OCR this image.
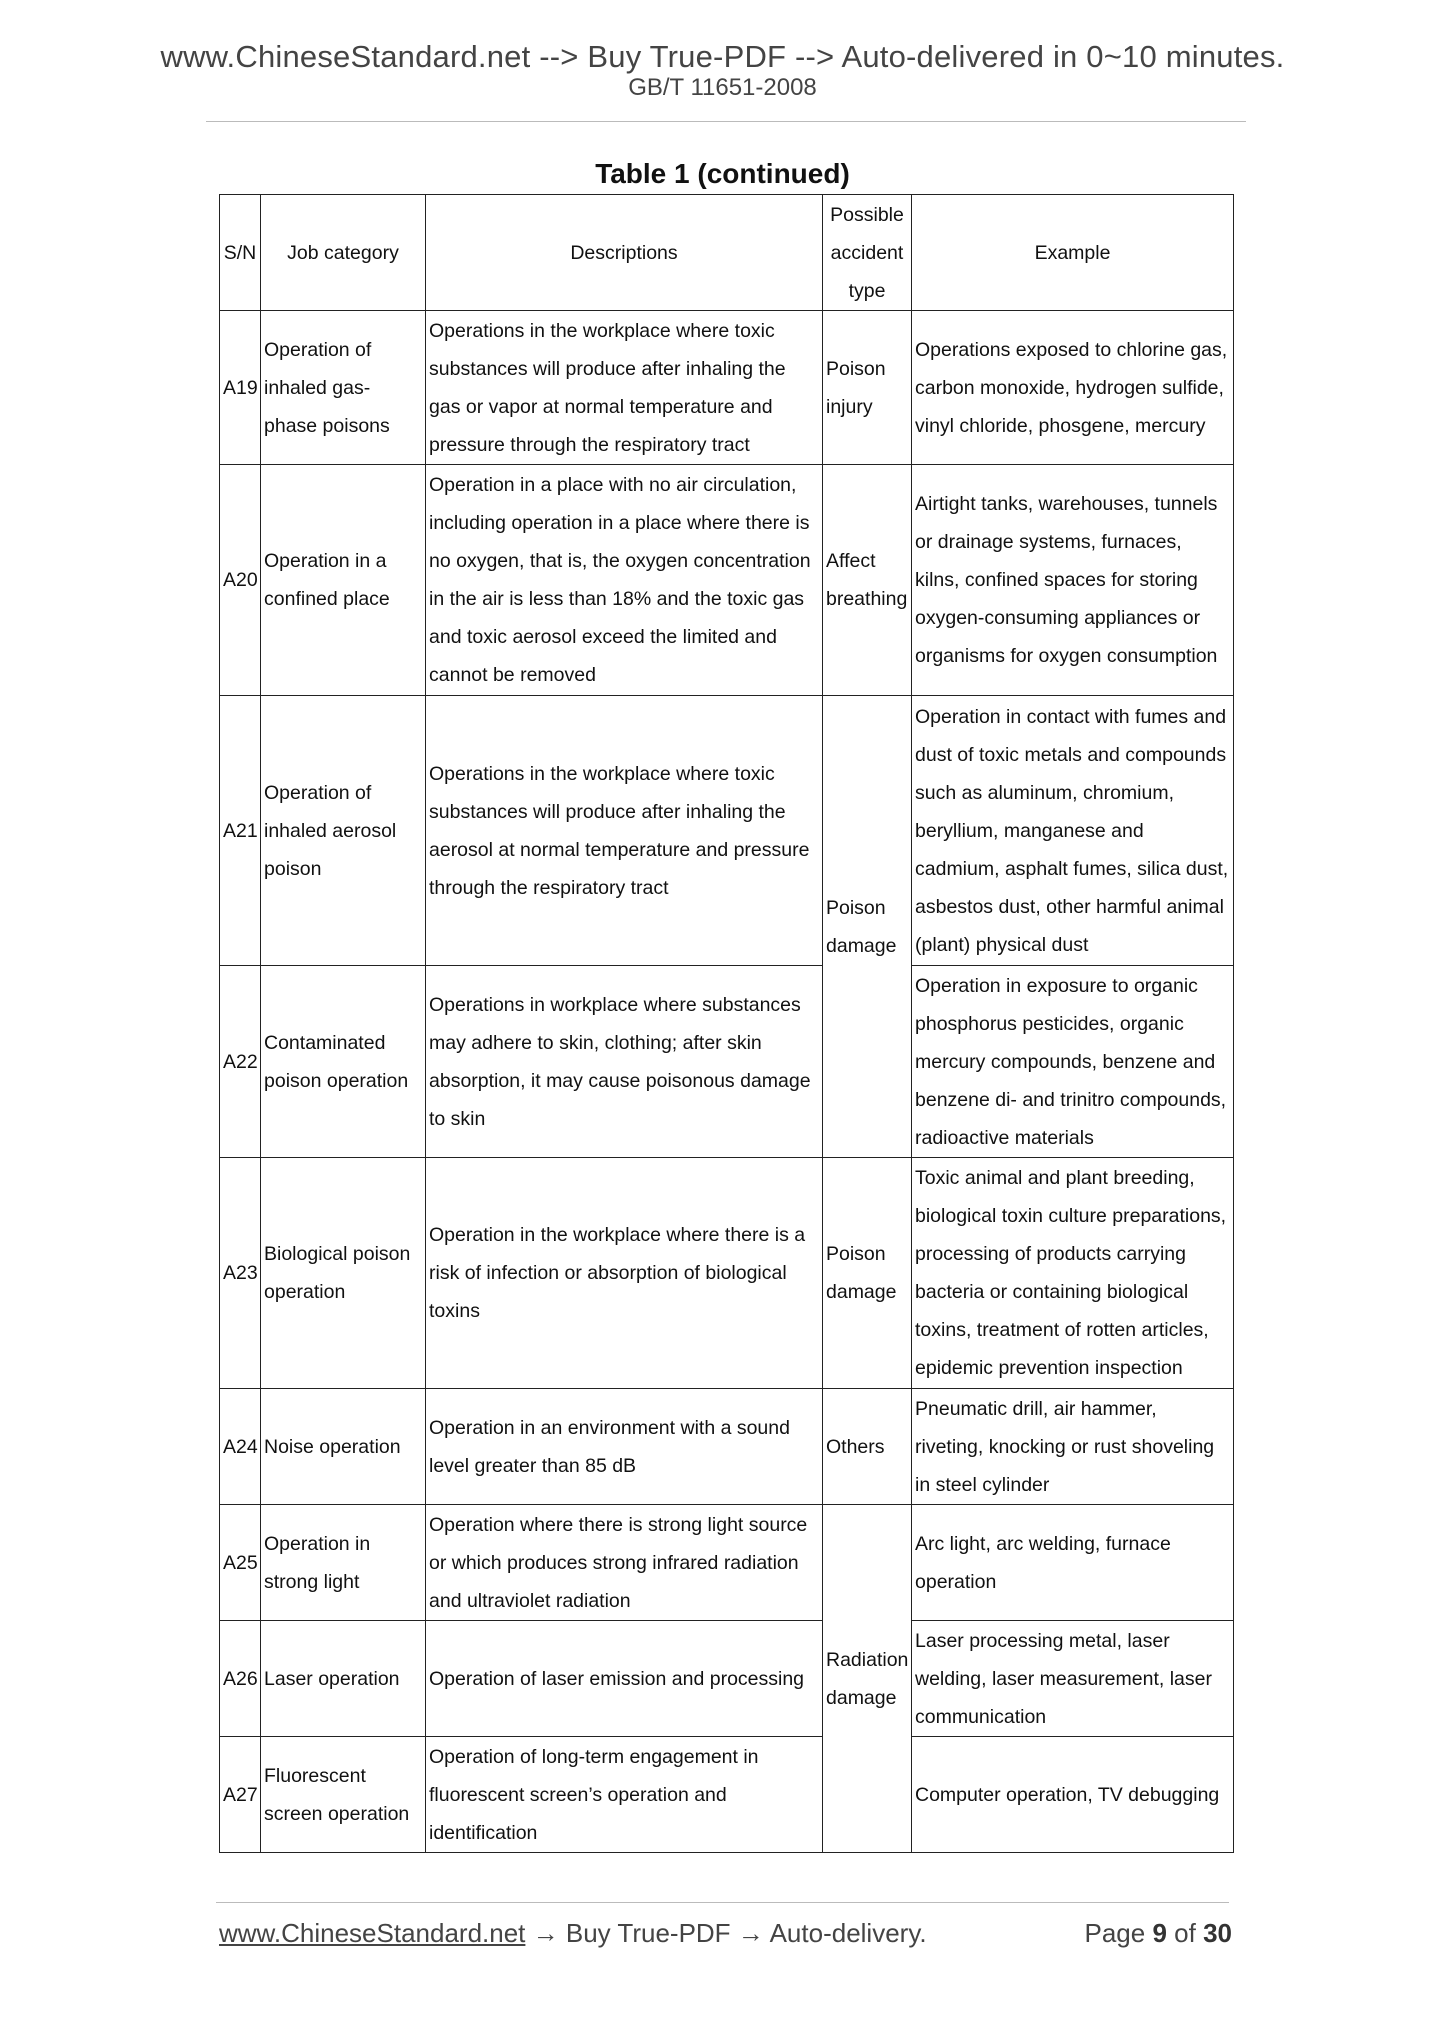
www.ChineseStandard.net --> Buy True-PDF --> Auto-delivered in 0~10 minutes.
GB/T 11651-2008
Table 1 (continued)
S/N	Job category	Descriptions	Possible accident type	Example
A19	Operation of inhaled gas-phase poisons	Operations in the workplace where toxic substances will produce after inhaling the gas or vapor at normal temperature and pressure through the respiratory tract	Poison injury	Operations exposed to chlorine gas, carbon monoxide, hydrogen sulfide, vinyl chloride, phosgene, mercury
A20	Operation in a confined place	Operation in a place with no air circulation, including operation in a place where there is no oxygen, that is, the oxygen concentration in the air is less than 18% and the toxic gas and toxic aerosol exceed the limited and cannot be removed	Affect breathing	Airtight tanks, warehouses, tunnels or drainage systems, furnaces, kilns, confined spaces for storing oxygen-consuming appliances or organisms for oxygen consumption
A21	Operation of inhaled aerosol poison	Operations in the workplace where toxic substances will produce after inhaling the aerosol at normal temperature and pressure through the respiratory tract	Poison damage	Operation in contact with fumes and dust of toxic metals and compounds such as aluminum, chromium, beryllium, manganese and cadmium, asphalt fumes, silica dust, asbestos dust, other harmful animal (plant) physical dust
A22	Contaminated poison operation	Operations in workplace where substances may adhere to skin, clothing; after skin absorption, it may cause poisonous damage to skin		Operation in exposure to organic phosphorus pesticides, organic mercury compounds, benzene and benzene di- and trinitro compounds, radioactive materials
A23	Biological poison operation	Operation in the workplace where there is a risk of infection or absorption of biological toxins	Poison damage	Toxic animal and plant breeding, biological toxin culture preparations, processing of products carrying bacteria or containing biological toxins, treatment of rotten articles, epidemic prevention inspection
A24	Noise operation	Operation in an environment with a sound level greater than 85 dB	Others	Pneumatic drill, air hammer, riveting, knocking or rust shoveling in steel cylinder
A25	Operation in strong light	Operation where there is strong light source or which produces strong infrared radiation and ultraviolet radiation	Radiation damage	Arc light, arc welding, furnace operation
A26	Laser operation	Operation of laser emission and processing		Laser processing metal, laser welding, laser measurement, laser communication
A27	Fluorescent screen operation	Operation of long-term engagement in fluorescent screen’s operation and identification		Computer operation, TV debugging
www.ChineseStandard.net → Buy True-PDF → Auto-delivery.	Page 9 of 30
